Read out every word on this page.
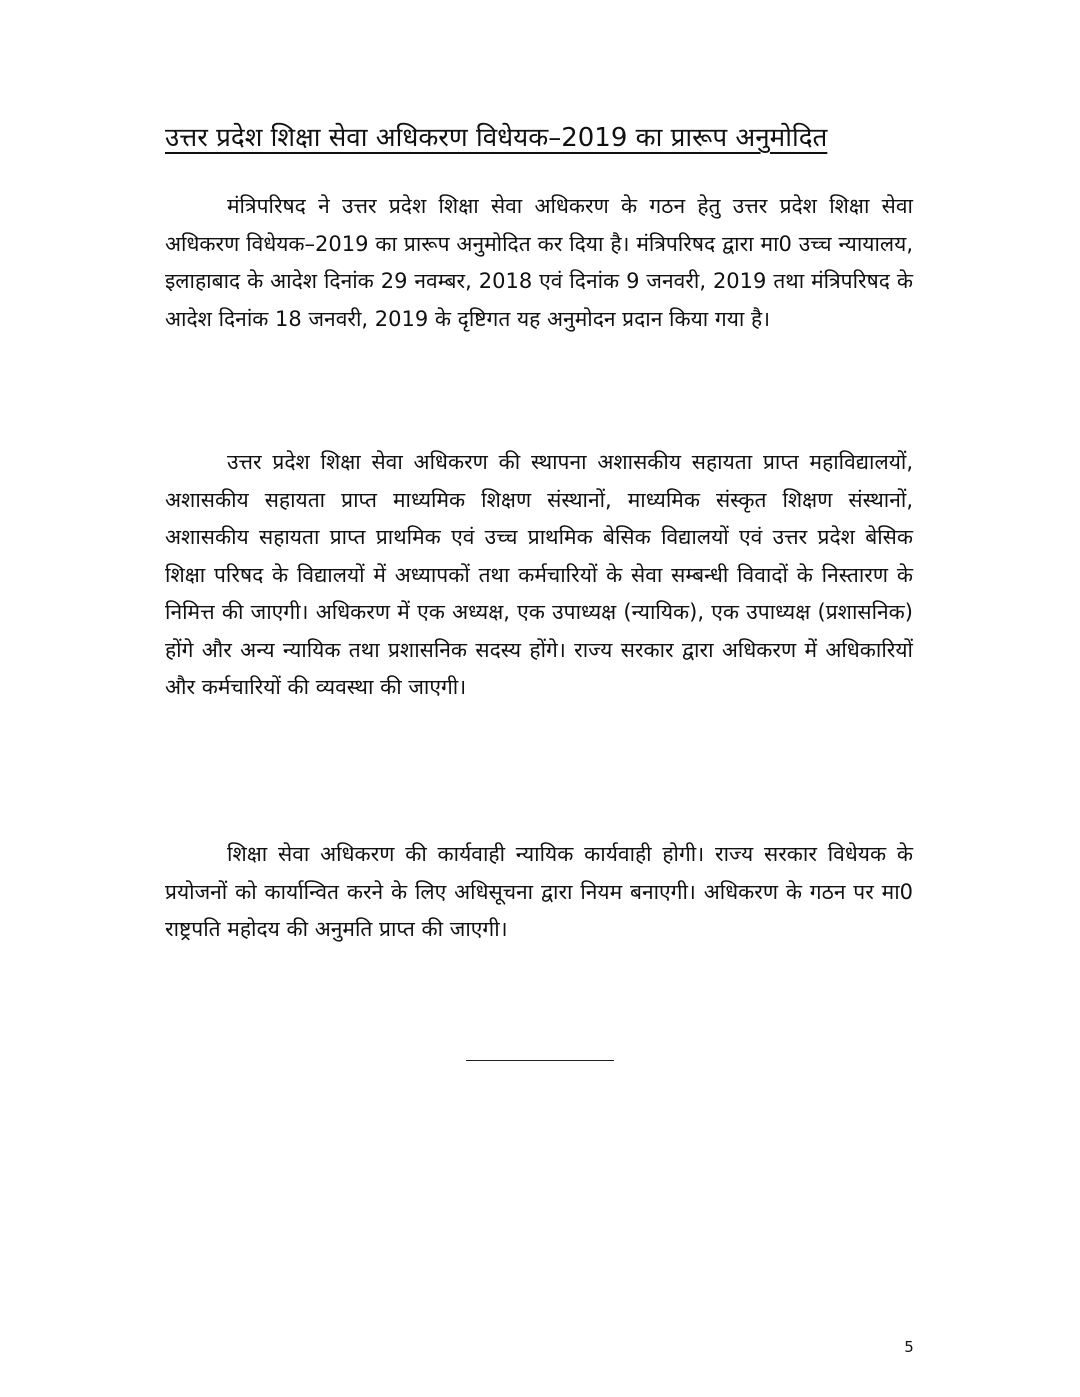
उत्तर प्रदेश शिक्षा सेवा अधिकरण विधेयक–2019 का प्रारूप अनुमोदित

मंत्रिपरिषद ने उत्तर प्रदेश शिक्षा सेवा अधिकरण के गठन हेतु उत्तर प्रदेश शिक्षा सेवा अधिकरण विधेयक–2019 का प्रारूप अनुमोदित कर दिया है। मंत्रिपरिषद द्वारा मा0 उच्च न्यायालय, इलाहाबाद के आदेश दिनांक 29 नवम्बर, 2018 एवं दिनांक 9 जनवरी, 2019 तथा मंत्रिपरिषद के आदेश दिनांक 18 जनवरी, 2019 के दृष्टिगत यह अनुमोदन प्रदान किया गया है।

उत्तर प्रदेश शिक्षा सेवा अधिकरण की स्थापना अशासकीय सहायता प्राप्त महाविद्यालयों, अशासकीय सहायता प्राप्त माध्यमिक शिक्षण संस्थानों, माध्यमिक संस्कृत शिक्षण संस्थानों, अशासकीय सहायता प्राप्त प्राथमिक एवं उच्च प्राथमिक बेसिक विद्यालयों एवं उत्तर प्रदेश बेसिक शिक्षा परिषद के विद्यालयों में अध्यापकों तथा कर्मचारियों के सेवा सम्बन्धी विवादों के निस्तारण के निमित्त की जाएगी। अधिकरण में एक अध्यक्ष, एक उपाध्यक्ष (न्यायिक), एक उपाध्यक्ष (प्रशासनिक) होंगे और अन्य न्यायिक तथा प्रशासनिक सदस्य होंगे। राज्य सरकार द्वारा अधिकरण में अधिकारियों और कर्मचारियों की व्यवस्था की जाएगी।

शिक्षा सेवा अधिकरण की कार्यवाही न्यायिक कार्यवाही होगी। राज्य सरकार विधेयक के प्रयोजनों को कार्यान्वित करने के लिए अधिसूचना द्वारा नियम बनाएगी। अधिकरण के गठन पर मा0 राष्ट्रपति महोदय की अनुमति प्राप्त की जाएगी।

5
